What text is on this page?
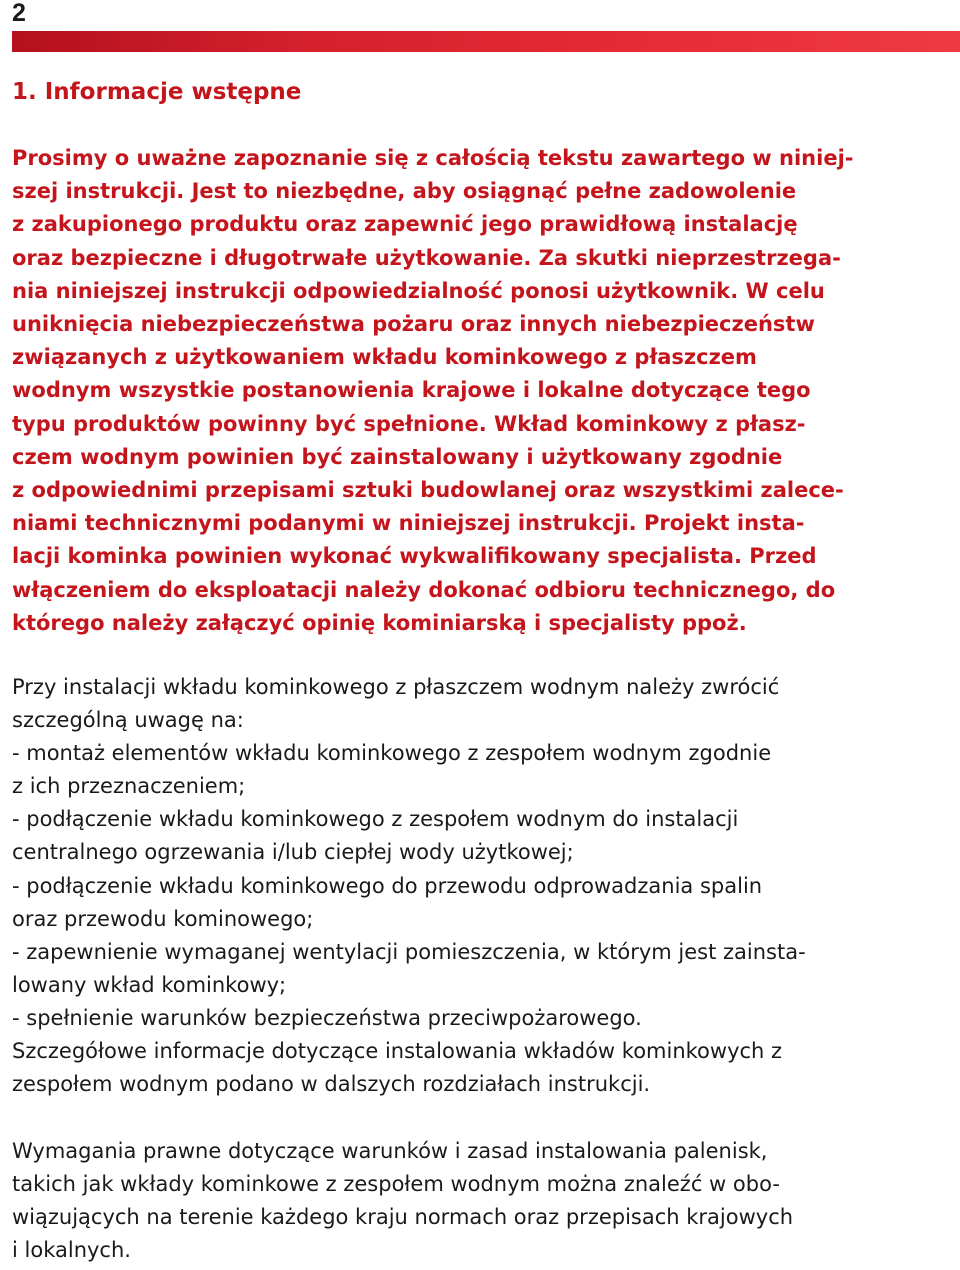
2
1. Informacje wstępne

Prosimy o uważne zapoznanie się z całością tekstu zawartego w niniej-
szej instrukcji. Jest to niezbędne, aby osiągnąć pełne zadowolenie
z zakupionego produktu oraz zapewnić jego prawidłową instalację
oraz bezpieczne i długotrwałe użytkowanie. Za skutki nieprzestrzega-
nia niniejszej instrukcji odpowiedzialność ponosi użytkownik. W celu
uniknięcia niebezpieczeństwa pożaru oraz innych niebezpieczeństw
związanych z użytkowaniem wkładu kominkowego z płaszczem
wodnym wszystkie postanowienia krajowe i lokalne dotyczące tego
typu produktów powinny być spełnione. Wkład kominkowy z płasz-
czem wodnym powinien być zainstalowany i użytkowany zgodnie
z odpowiednimi przepisami sztuki budowlanej oraz wszystkimi zalece-
niami technicznymi podanymi w niniejszej instrukcji. Projekt insta-
lacji kominka powinien wykonać wykwalifikowany specjalista. Przed
włączeniem do eksploatacji należy dokonać odbioru technicznego, do
którego należy załączyć opinię kominiarską i specjalisty ppoż.

Przy instalacji wkładu kominkowego z płaszczem wodnym należy zwrócić
szczególną uwagę na:
- montaż elementów wkładu kominkowego z zespołem wodnym zgodnie
z ich przeznaczeniem;
- podłączenie wkładu kominkowego z zespołem wodnym do instalacji
centralnego ogrzewania i/lub ciepłej wody użytkowej;
- podłączenie wkładu kominkowego do przewodu odprowadzania spalin
oraz przewodu kominowego;
- zapewnienie wymaganej wentylacji pomieszczenia, w którym jest zainsta-
lowany wkład kominkowy;
- spełnienie warunków bezpieczeństwa przeciwpożarowego.
Szczegółowe informacje dotyczące instalowania wkładów kominkowych z
zespołem wodnym podano w dalszych rozdziałach instrukcji.

Wymagania prawne dotyczące warunków i zasad instalowania palenisk,
takich jak wkłady kominkowe z zespołem wodnym można znaleźć w obo-
wiązujących na terenie każdego kraju normach oraz przepisach krajowych
i lokalnych.
